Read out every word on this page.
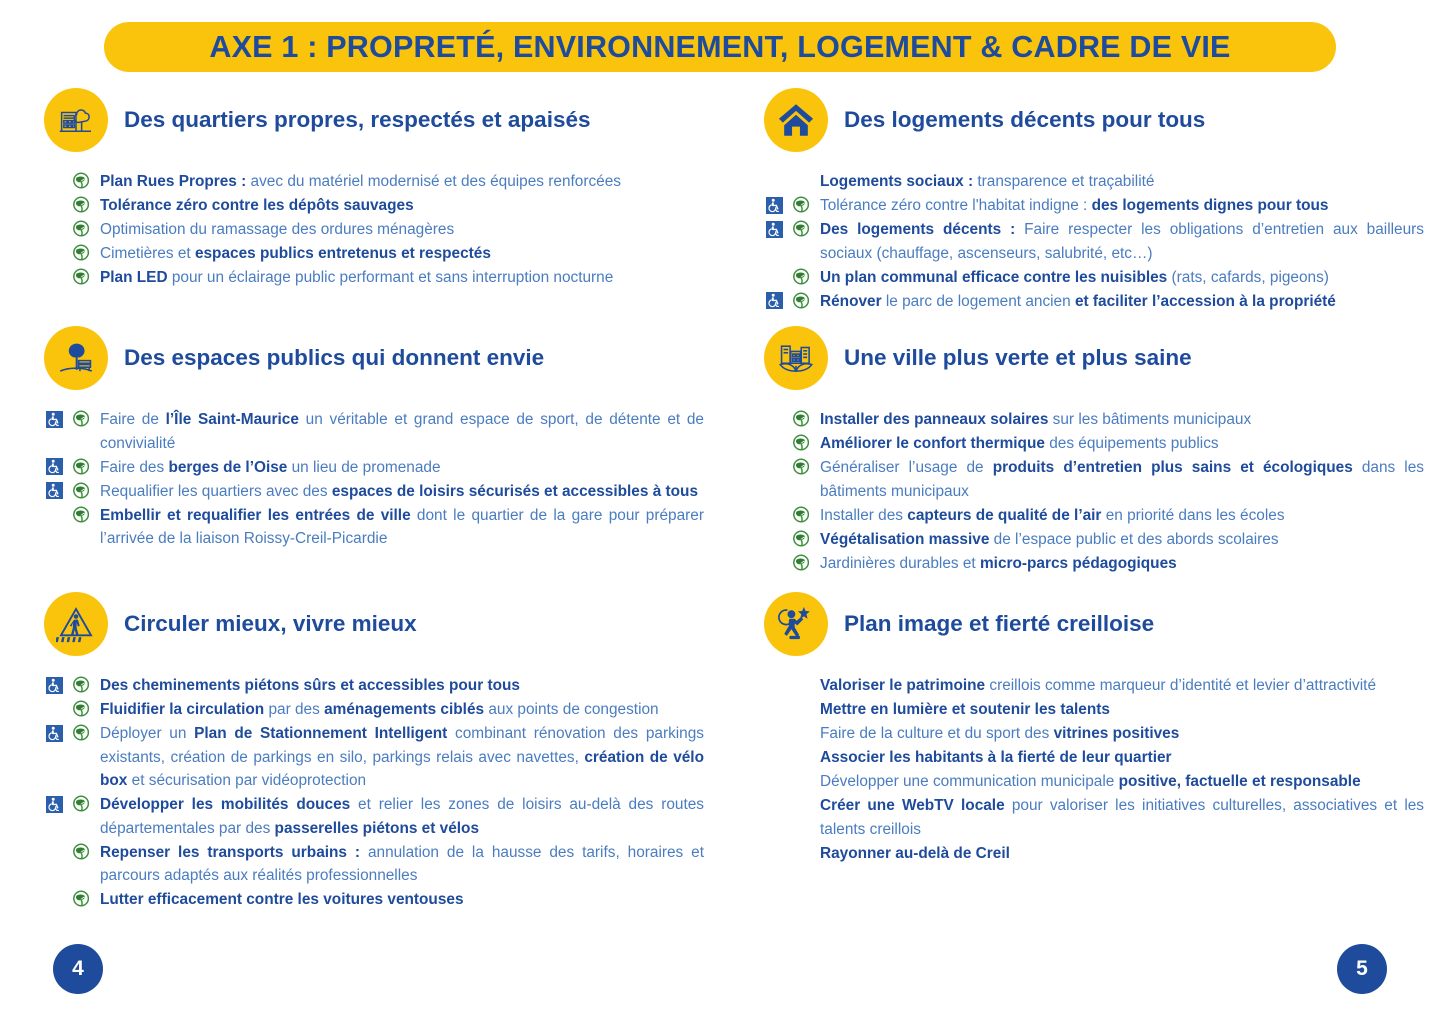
AXE 1 : PROPRETÉ, ENVIRONNEMENT, LOGEMENT & CADRE DE VIE
Des quartiers propres, respectés et apaisés
Plan Rues Propres : avec du matériel modernisé et des équipes renforcées
Tolérance zéro contre les dépôts sauvages
Optimisation du ramassage des ordures ménagères
Cimetières et espaces publics entretenus et respectés
Plan LED pour un éclairage public performant et sans interruption nocturne
Des espaces publics qui donnent envie
Faire de l’Île Saint-Maurice un véritable et grand espace de sport, de détente et de convivialité
Faire des berges de l’Oise un lieu de promenade
Requalifier les quartiers avec des espaces de loisirs sécurisés et accessibles à tous
Embellir et requalifier les entrées de ville dont le quartier de la gare pour préparer l’arrivée de la liaison Roissy-Creil-Picardie
Circuler mieux, vivre mieux
Des cheminements piétons sûrs et accessibles pour tous
Fluidifier la circulation par des aménagements ciblés aux points de congestion
Déployer un Plan de Stationnement Intelligent combinant rénovation des parkings existants, création de parkings en silo, parkings relais avec navettes, création de vélo box et sécurisation par vidéoprotection
Développer les mobilités douces et relier les zones de loisirs au-delà des routes départementales par des passerelles piétons et vélos
Repenser les transports urbains : annulation de la hausse des tarifs, horaires et parcours adaptés aux réalités professionnelles
Lutter efficacement contre les voitures ventouses
Des logements décents pour tous
Logements sociaux : transparence et traçabilité
Tolérance zéro contre l'habitat indigne : des logements dignes pour tous
Des logements décents : Faire respecter les obligations d’entretien aux bailleurs sociaux (chauffage, ascenseurs, salubrité, etc…)
Un plan communal efficace contre les nuisibles (rats, cafards, pigeons)
Rénover le parc de logement ancien et faciliter l’accession à la propriété
Une ville plus verte et plus saine
Installer des panneaux solaires sur les bâtiments municipaux
Améliorer le confort thermique des équipements publics
Généraliser l’usage de produits d’entretien plus sains et écologiques dans les bâtiments municipaux
Installer des capteurs de qualité de l’air en priorité dans les écoles
Végétalisation massive de l’espace public et des abords scolaires
Jardinières durables et micro-parcs pédagogiques
Plan image et fierté creilloise
Valoriser le patrimoine creillois comme marqueur d’identité et levier d’attractivité
Mettre en lumière et soutenir les talents
Faire de la culture et du sport des vitrines positives
Associer les habitants à la fierté de leur quartier
Développer une communication municipale positive, factuelle et responsable
Créer une WebTV locale pour valoriser les initiatives culturelles, associatives et les talents creillois
Rayonner au-delà de Creil
4	5
